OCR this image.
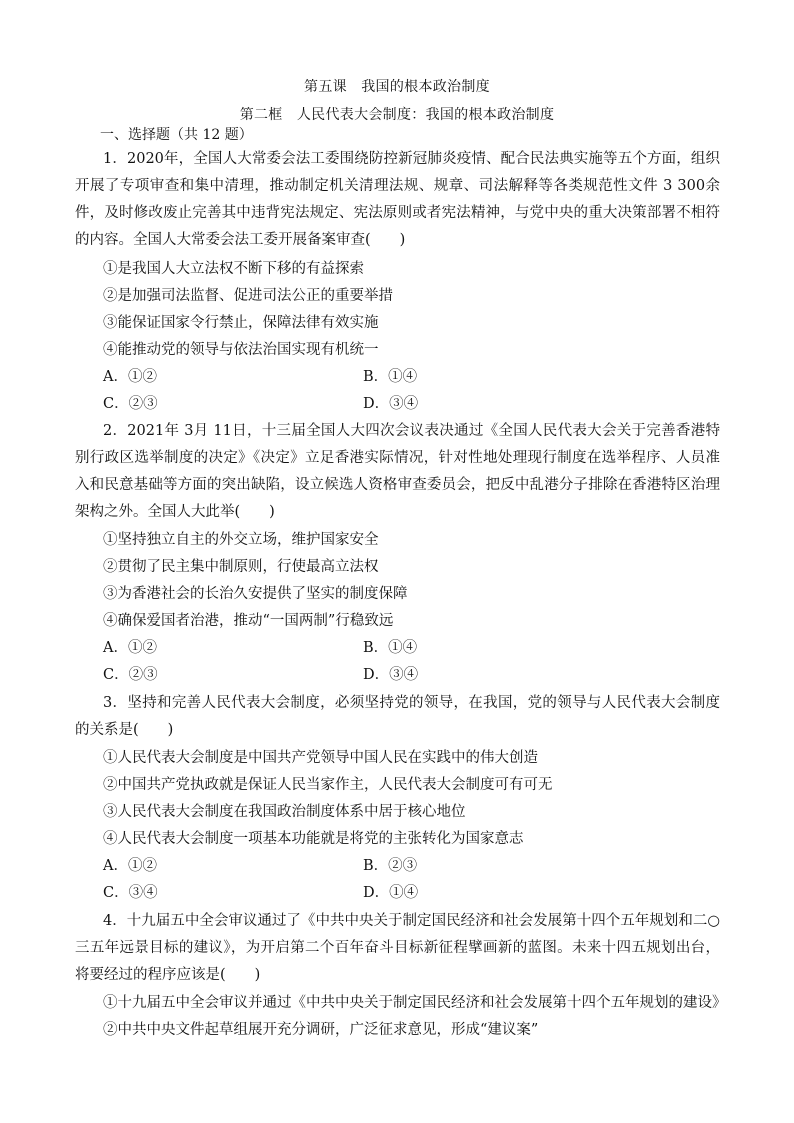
第五课　我国的根本政治制度
第二框　人民代表大会制度：我国的根本政治制度
一、选择题（共 12 题）

1．2020年，全国人大常委会法工委围绕防控新冠肺炎疫情、配合民法典实施等五个方面，组织开展了专项审查和集中清理，推动制定机关清理法规、规章、司法解释等各类规范性文件 3 300余件，及时修改废止完善其中违背宪法规定、宪法原则或者宪法精神，与党中央的重大决策部署不相符的内容。全国人大常委会法工委开展备案审查(　　)

①是我国人大立法权不断下移的有益探索
②是加强司法监督、促进司法公正的重要举措
③能保证国家令行禁止，保障法律有效实施
④能推动党的领导与依法治国实现有机统一
A．①②	B．①④
C．②③	D．③④

2．2021年 3月 11日，十三届全国人大四次会议表决通过《全国人民代表大会关于完善香港特别行政区选举制度的决定》《决定》立足香港实际情况，针对性地处理现行制度在选举程序、人员准入和民意基础等方面的突出缺陷，设立候选人资格审查委员会，把反中乱港分子排除在香港特区治理架构之外。全国人大此举(　　)

①坚持独立自主的外交立场，维护国家安全
②贯彻了民主集中制原则，行使最高立法权
③为香港社会的长治久安提供了坚实的制度保障
④确保爱国者治港，推动“一国两制”行稳致远
A．①②	B．①④
C．②③	D．③④

3．坚持和完善人民代表大会制度，必须坚持党的领导，在我国，党的领导与人民代表大会制度的关系是(　　)

①人民代表大会制度是中国共产党领导中国人民在实践中的伟大创造
②中国共产党执政就是保证人民当家作主，人民代表大会制度可有可无
③人民代表大会制度在我国政治制度体系中居于核心地位
④人民代表大会制度一项基本功能就是将党的主张转化为国家意志
A．①②	B．②③
C．③④	D．①④

4．十九届五中全会审议通过了《中共中央关于制定国民经济和社会发展第十四个五年规划和二○三五年远景目标的建议》，为开启第二个百年奋斗目标新征程擘画新的蓝图。未来十四五规划出台，将要经过的程序应该是(　　)

①十九届五中全会审议并通过《中共中央关于制定国民经济和社会发展第十四个五年规划的建设》
②中共中央文件起草组展开充分调研，广泛征求意见，形成“建议案”
